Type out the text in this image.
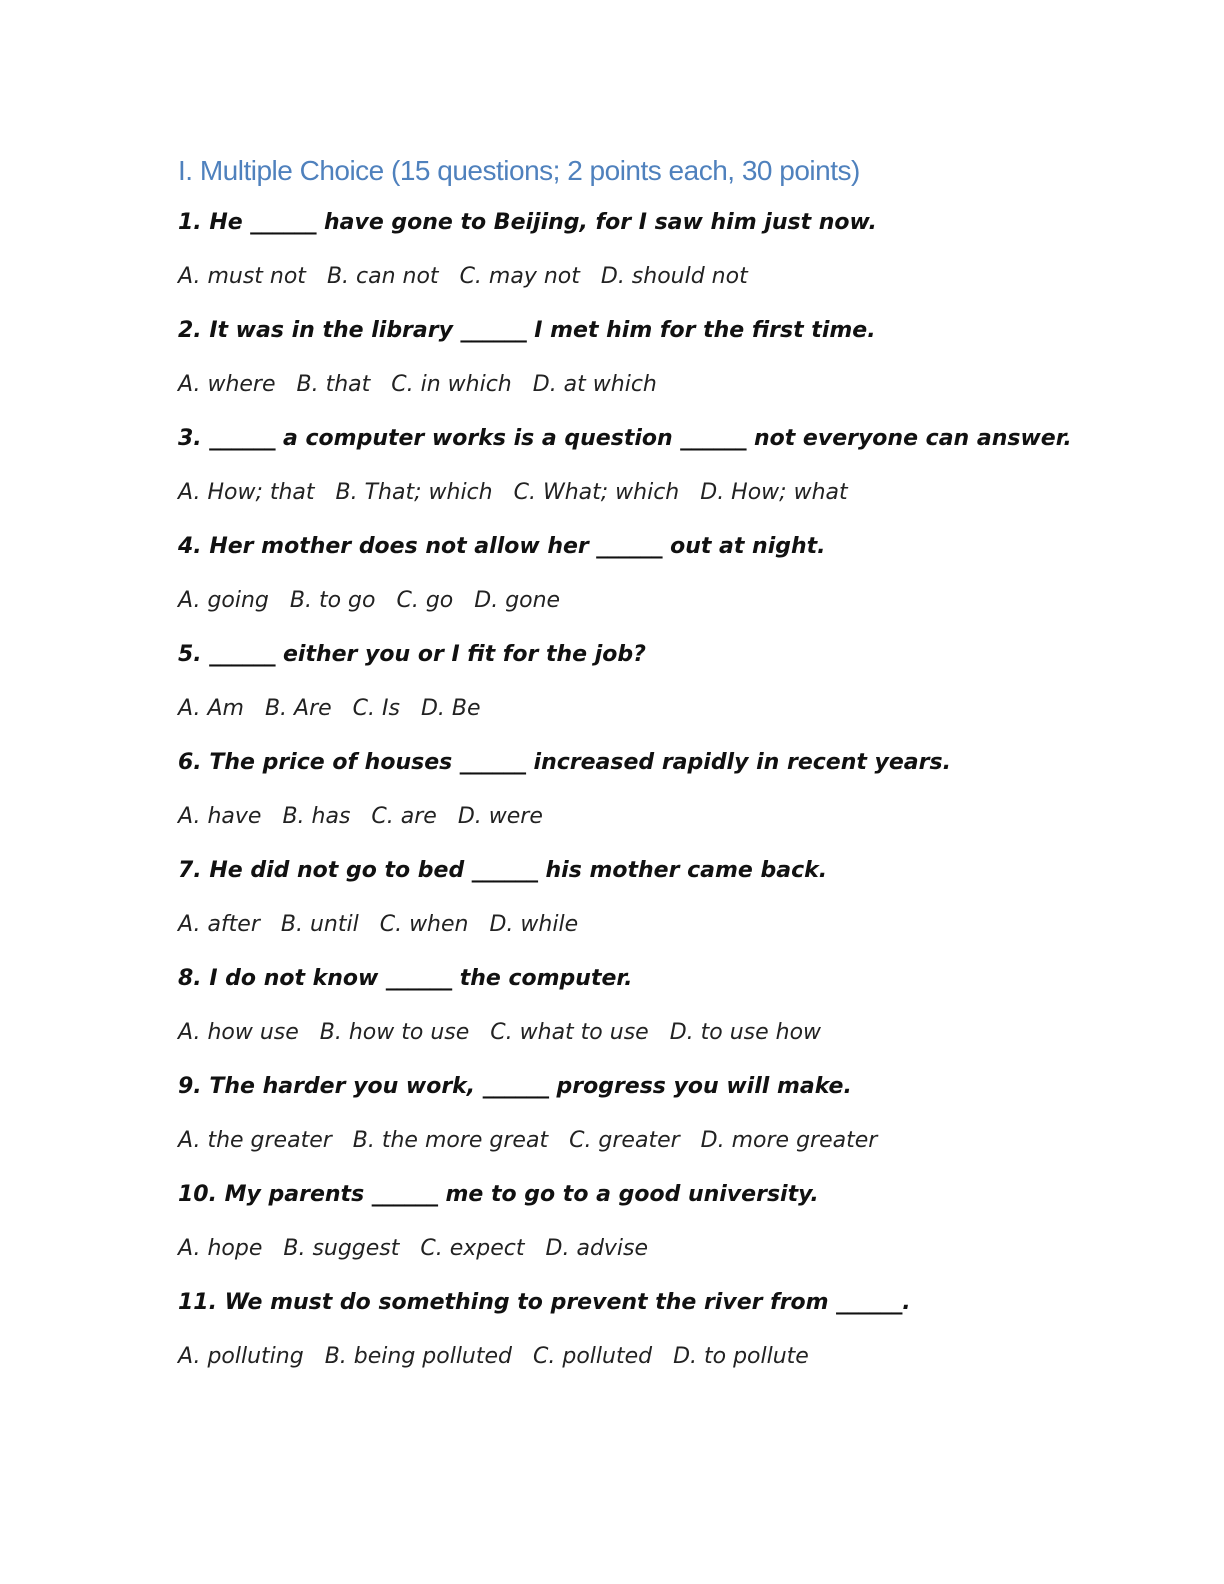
I. Multiple Choice (15 questions; 2 points each, 30 points)
1. He ______ have gone to Beijing, for I saw him just now.
A. must not B. can not C. may not D. should not
2. It was in the library ______ I met him for the first time.
A. where B. that C. in which D. at which
3. ______ a computer works is a question ______ not everyone can answer.
A. How; that B. That; which C. What; which D. How; what
4. Her mother does not allow her ______ out at night.
A. going B. to go C. go D. gone
5. ______ either you or I fit for the job?
A. Am B. Are C. Is D. Be
6. The price of houses ______ increased rapidly in recent years.
A. have B. has C. are D. were
7. He did not go to bed ______ his mother came back.
A. after B. until C. when D. while
8. I do not know ______ the computer.
A. how use B. how to use C. what to use D. to use how
9. The harder you work, ______ progress you will make.
A. the greater B. the more great C. greater D. more greater
10. My parents ______ me to go to a good university.
A. hope B. suggest C. expect D. advise
11. We must do something to prevent the river from ______.
A. polluting B. being polluted C. polluted D. to pollute
